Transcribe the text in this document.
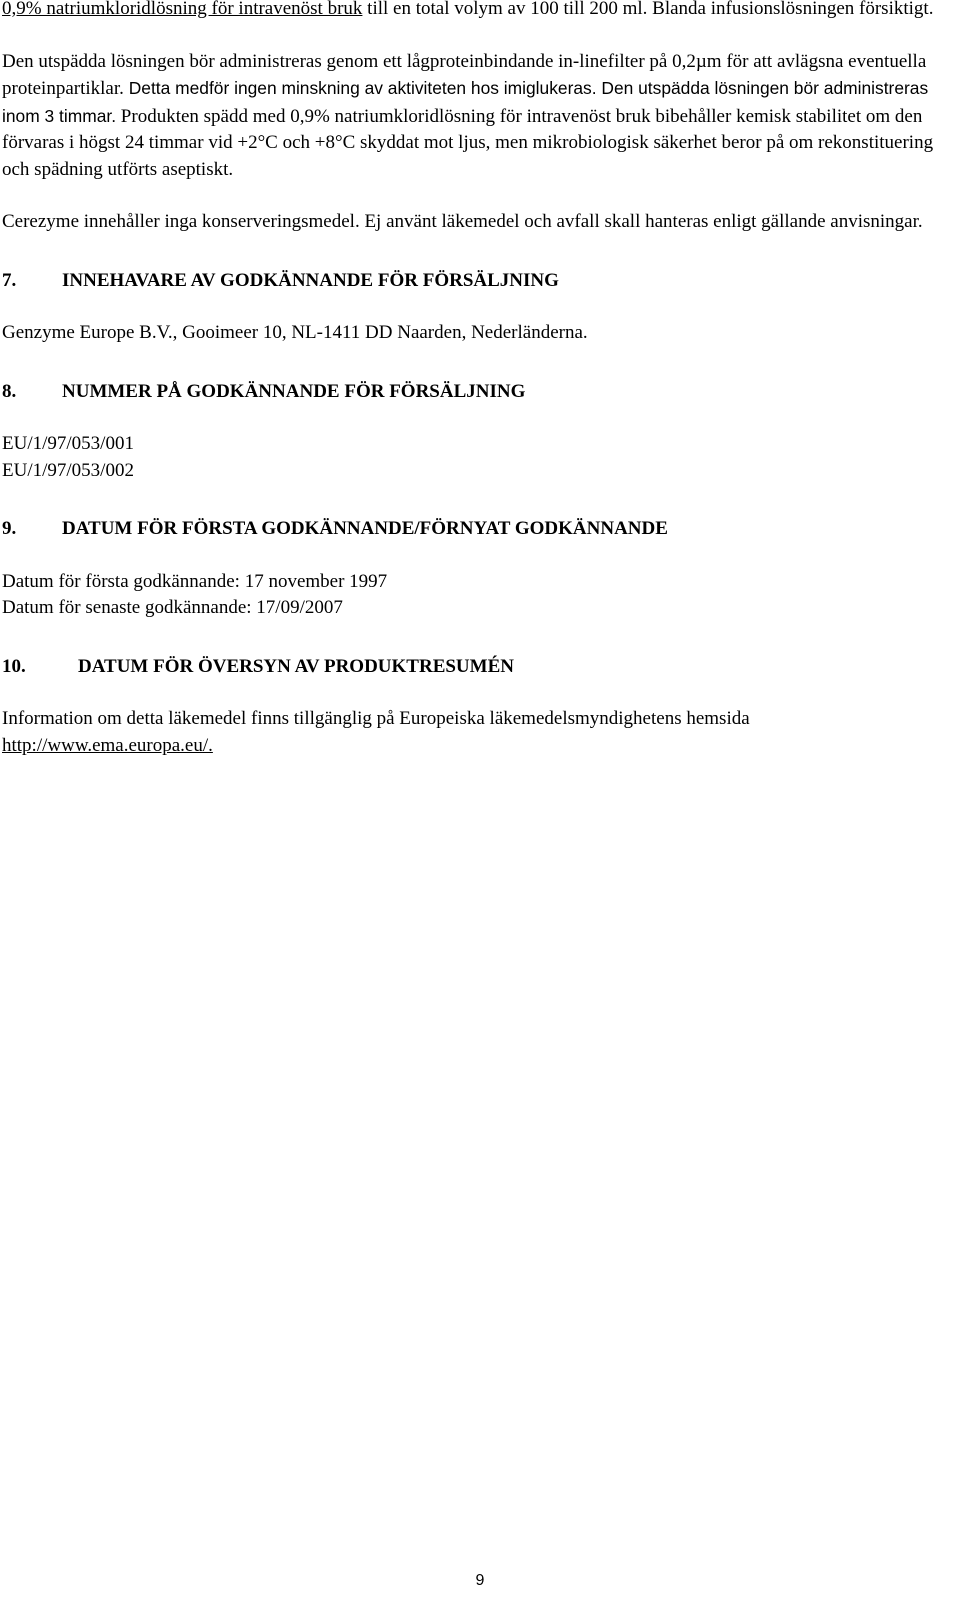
0,9% natriumkloridlösning för intravenöst bruk till en total volym av 100 till 200 ml. Blanda infusionslösningen försiktigt.

Den utspädda lösningen bör administreras genom ett lågproteinbindande in-linefilter på 0,2µm för att avlägsna eventuella proteinpartiklar. Detta medför ingen minskning av aktiviteten hos imiglukeras. Den utspädda lösningen bör administreras inom 3 timmar. Produkten spädd med 0,9% natriumkloridlösning för intravenöst bruk bibehåller kemisk stabilitet om den förvaras i högst 24 timmar vid +2°C och +8°C skyddat mot ljus, men mikrobiologisk säkerhet beror på om rekonstituering och spädning utförts aseptiskt.

Cerezyme innehåller inga konserveringsmedel. Ej använt läkemedel och avfall skall hanteras enligt gällande anvisningar.

7.	INNEHAVARE AV GODKÄNNANDE FÖR FÖRSÄLJNING

Genzyme Europe B.V., Gooimeer 10, NL-1411 DD Naarden, Nederländerna.

8.	NUMMER PÅ GODKÄNNANDE FÖR FÖRSÄLJNING

EU/1/97/053/001

EU/1/97/053/002

9.	DATUM FÖR FÖRSTA GODKÄNNANDE/FÖRNYAT GODKÄNNANDE

Datum för första godkännande: 17 november 1997

Datum för senaste godkännande: 17/09/2007

10.	DATUM FÖR ÖVERSYN AV PRODUKTRESUMÉN

Information om detta läkemedel finns tillgänglig på Europeiska läkemedelsmyndighetens hemsida

http://www.ema.europa.eu/.

9
